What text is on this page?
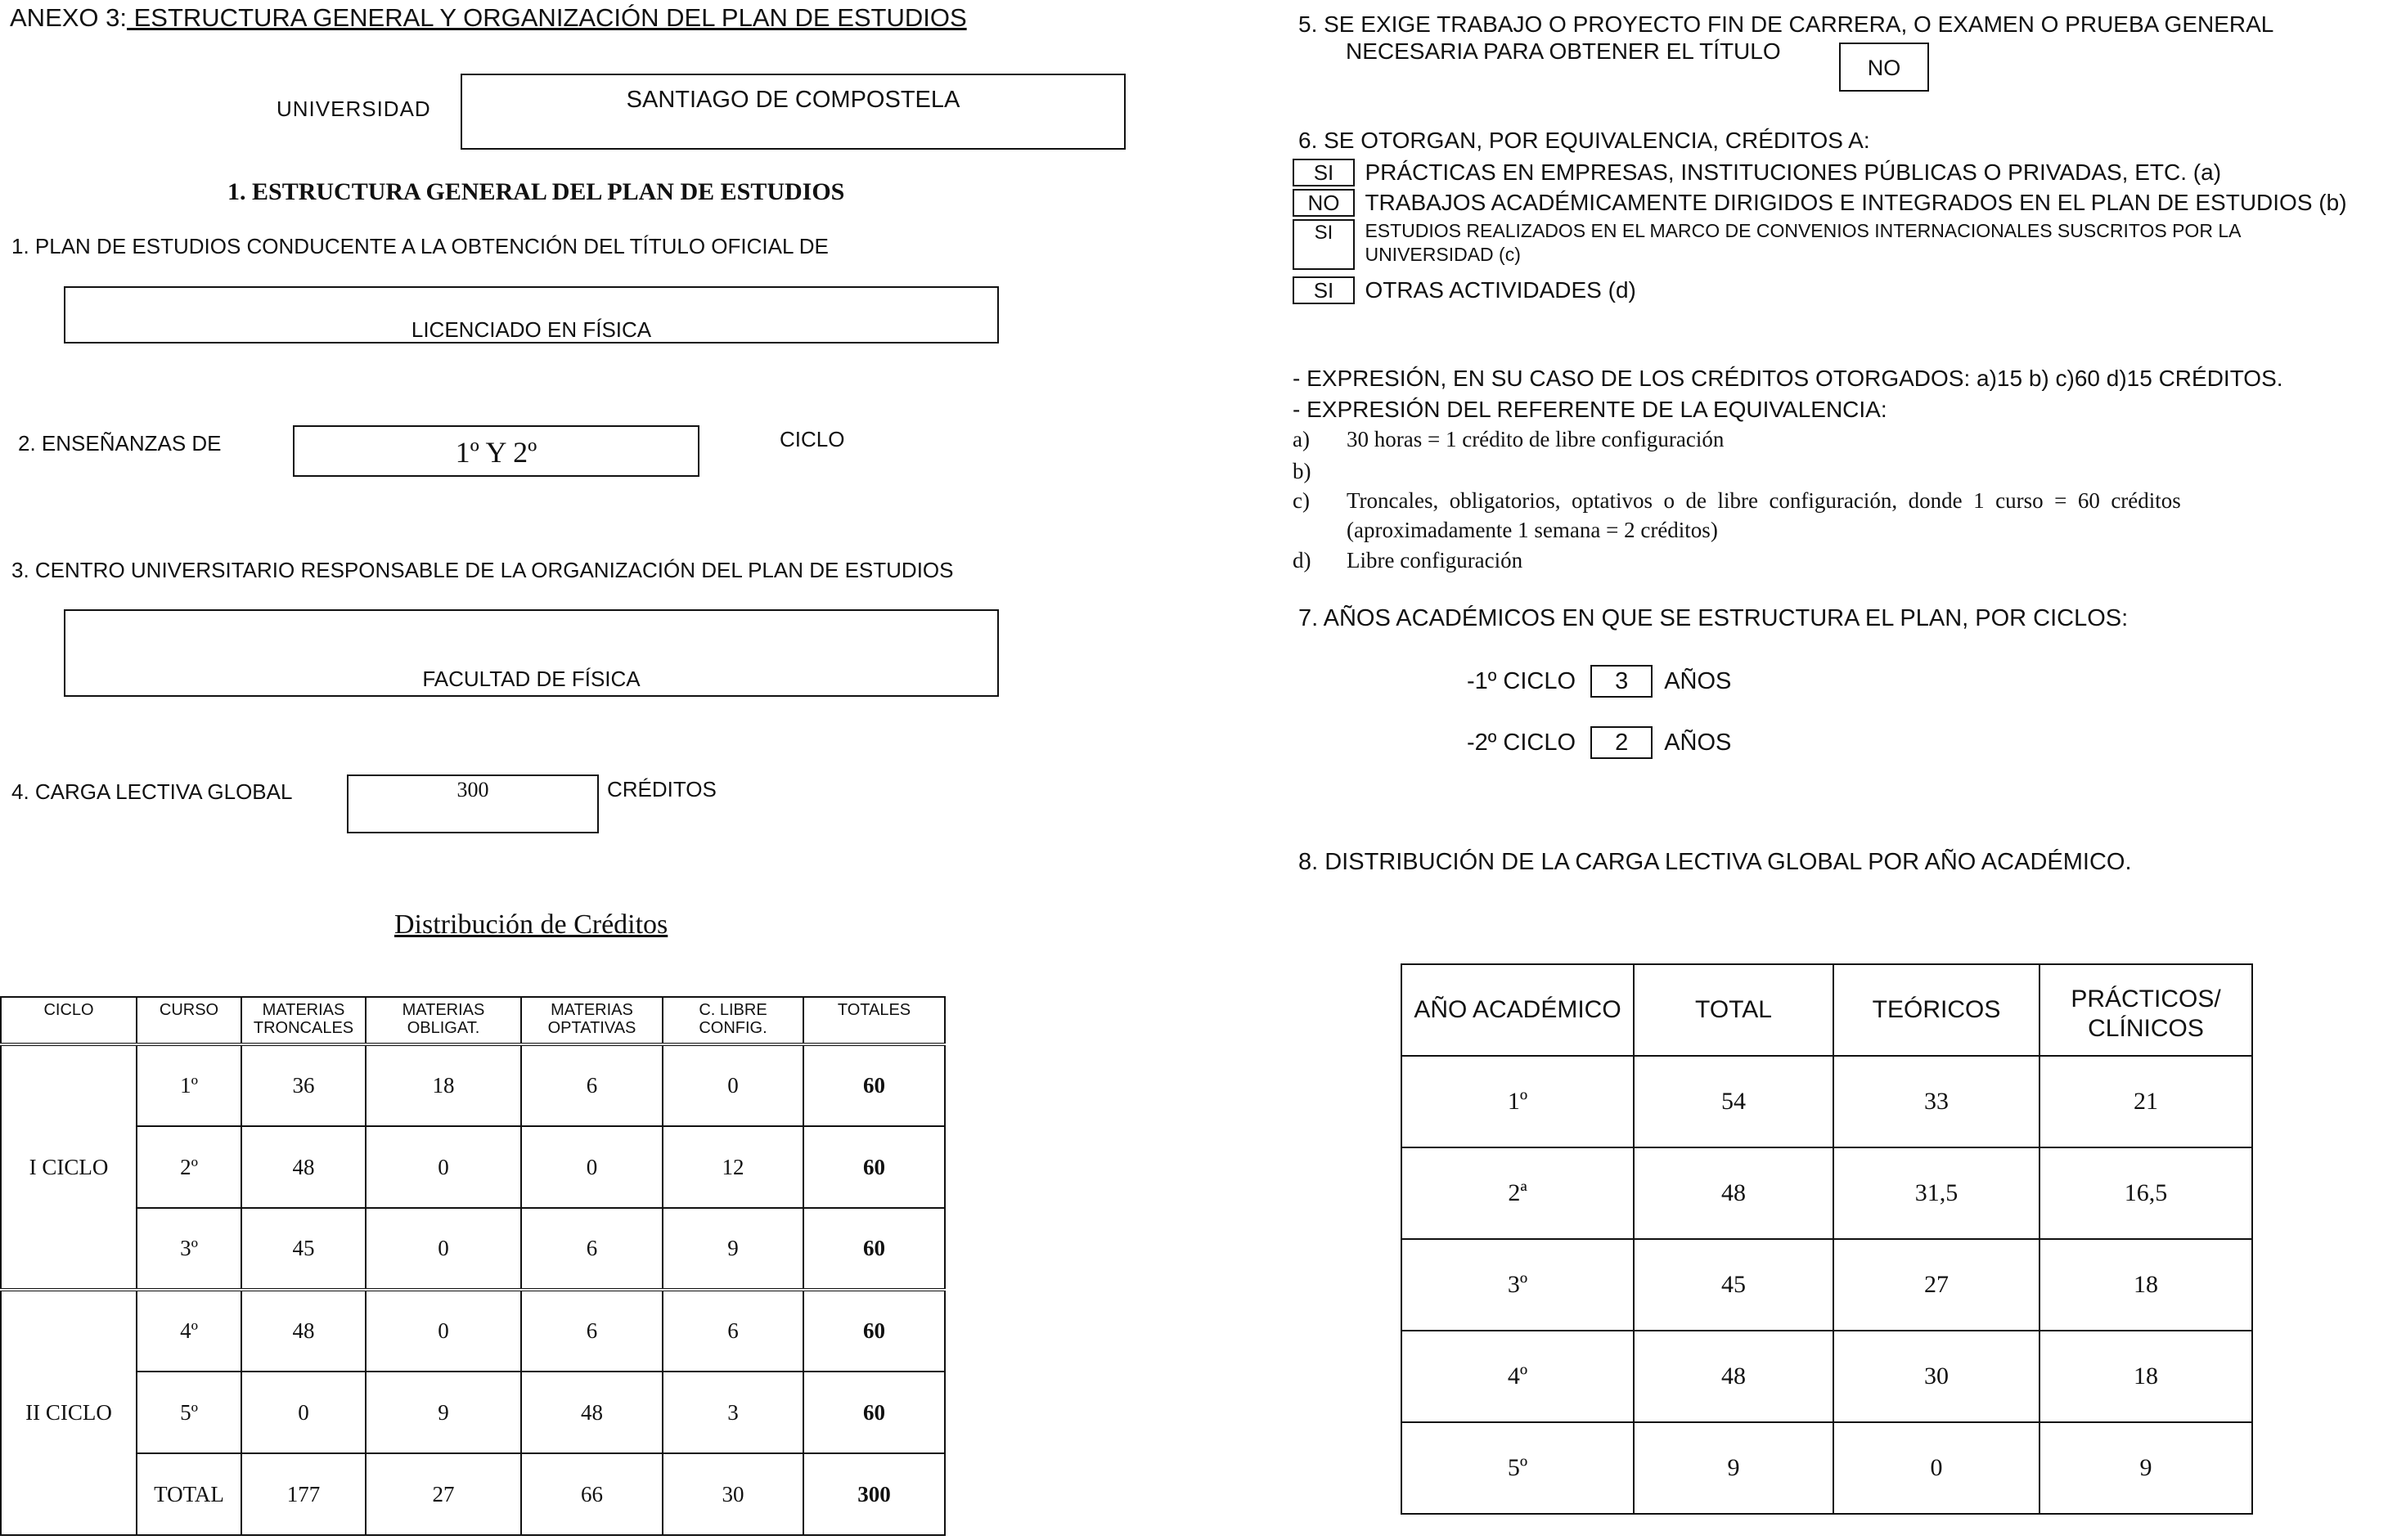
ANEXO 3: ESTRUCTURA GENERAL Y ORGANIZACIÓN DEL PLAN DE ESTUDIOS
UNIVERSIDAD	SANTIAGO DE COMPOSTELA
1. ESTRUCTURA GENERAL DEL PLAN DE ESTUDIOS
1. PLAN DE ESTUDIOS CONDUCENTE A LA OBTENCIÓN DEL TÍTULO OFICIAL DE
LICENCIADO EN FÍSICA
2. ENSEÑANZAS DE	1º Y 2º	CICLO
3. CENTRO UNIVERSITARIO RESPONSABLE DE LA ORGANIZACIÓN DEL PLAN DE ESTUDIOS
FACULTAD DE FÍSICA
4. CARGA LECTIVA GLOBAL	300	CRÉDITOS
Distribución de Créditos
CICLO	CURSO	MATERIAS TRONCALES	MATERIAS OBLIGAT.	MATERIAS OPTATIVAS	C. LIBRE CONFIG.	TOTALES
I CICLO	1º	36	18	6	0	60
	2º	48	0	0	12	60
	3º	45	0	6	9	60
II CICLO	4º	48	0	6	6	60
	5º	0	9	48	3	60
	TOTAL	177	27	66	30	300
5. SE EXIGE TRABAJO O PROYECTO FIN DE CARRERA, O EXAMEN O PRUEBA GENERAL
NECESARIA PARA OBTENER EL TÍTULO
NO
6. SE OTORGAN, POR EQUIVALENCIA, CRÉDITOS A:
SI PRÁCTICAS EN EMPRESAS, INSTITUCIONES PÚBLICAS O PRIVADAS, ETC. (a)
NO TRABAJOS ACADÉMICAMENTE DIRIGIDOS E INTEGRADOS EN EL PLAN DE ESTUDIOS (b)
SI ESTUDIOS REALIZADOS EN EL MARCO DE CONVENIOS INTERNACIONALES SUSCRITOS POR LA
UNIVERSIDAD (c)
SI OTRAS ACTIVIDADES (d)
- EXPRESIÓN, EN SU CASO DE LOS CRÉDITOS OTORGADOS: a)15 b) c)60 d)15 CRÉDITOS.
- EXPRESIÓN DEL REFERENTE DE LA EQUIVALENCIA:
a) 30 horas = 1 crédito de libre configuración
b)
c) Troncales,  obligatorios,  optativos  o  de  libre  configuración,  donde  1  curso  =  60  créditos
(aproximadamente 1 semana = 2 créditos)
d) Libre configuración
7. AÑOS ACADÉMICOS EN QUE SE ESTRUCTURA EL PLAN, POR CICLOS:
-1º CICLO 3 AÑOS
-2º CICLO 2 AÑOS
8. DISTRIBUCIÓN DE LA CARGA LECTIVA GLOBAL POR AÑO ACADÉMICO.
AÑO ACADÉMICO	TOTAL	TEÓRICOS	PRÁCTICOS/ CLÍNICOS
1º	54	33	21
2ª	48	31,5	16,5
3º	45	27	18
4º	48	30	18
5º	9	0	9
